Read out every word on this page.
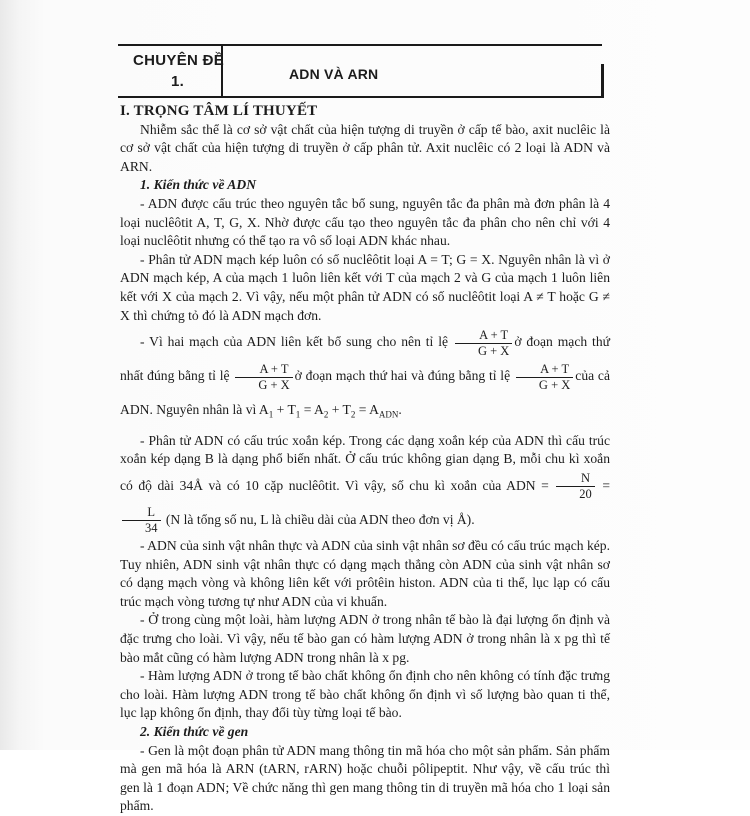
CHUYÊN ĐỀ
1.	ADN VÀ ARN

I. TRỌNG TÂM LÍ THUYẾT

Nhiễm sắc thể là cơ sở vật chất của hiện tượng di truyền ở cấp tế bào, axit nuclêic là cơ sở vật chất của hiện tượng di truyền ở cấp phân tử. Axit nuclêic có 2 loại là ADN và ARN.

1. Kiến thức về ADN

- ADN được cấu trúc theo nguyên tắc bổ sung, nguyên tắc đa phân mà đơn phân là 4 loại nuclêôtit A, T, G, X. Nhờ được cấu tạo theo nguyên tắc đa phân cho nên chỉ với 4 loại nuclêôtit nhưng có thể tạo ra vô số loại ADN khác nhau.

- Phân tử ADN mạch kép luôn có số nuclêôtit loại A = T; G = X. Nguyên nhân là vì ở ADN mạch kép, A của mạch 1 luôn liên kết với T của mạch 2 và G của mạch 1 luôn liên kết với X của mạch 2. Vì vậy, nếu một phân tử ADN có số nuclêôtit loại A ≠ T hoặc G ≠ X thì chứng tỏ đó là ADN mạch đơn.

- Vì hai mạch của ADN liên kết bổ sung cho nên tỉ lệ $\frac{A + T}{G + X}$ ở đoạn mạch thứ nhất đúng bằng tỉ lệ $\frac{A + T}{G + X}$ ở đoạn mạch thứ hai và đúng bằng tỉ lệ $\frac{A + T}{G + X}$ của cả ADN. Nguyên nhân là vì $A_1 + T_1 = A_2 + T_2 = A_{ADN}$.

- Phân tử ADN có cấu trúc xoắn kép. Trong các dạng xoắn kép của ADN thì cấu trúc xoắn kép dạng B là dạng phổ biến nhất. Ở cấu trúc không gian dạng B, mỗi chu kì xoắn có độ dài 34Å và có 10 cặp nuclêôtit. Vì vậy, số chu kì xoắn của ADN = $\frac{N}{20}$ =
$\frac{L}{34} (N$ là tổng số nu, L là chiều dài của ADN theo đơn vị Å).

- ADN của sinh vật nhân thực và ADN của sinh vật nhân sơ đều có cấu trúc mạch kép. Tuy nhiên, ADN sinh vật nhân thực có dạng mạch thẳng còn ADN của sinh vật nhân sơ có dạng mạch vòng và không liên kết với prôtêin histon. ADN của ti thể, lục lạp có cấu trúc mạch vòng tương tự như ADN của vi khuẩn.

- Ở trong cùng một loài, hàm lượng ADN ở trong nhân tế bào là đại lượng ổn định và đặc trưng cho loài. Vì vậy, nếu tế bào gan có hàm lượng ADN ở trong nhân là x pg thì tế bào mắt cũng có hàm lượng ADN trong nhân là x pg.

- Hàm lượng ADN ở trong tế bào chất không ổn định cho nên không có tính đặc trưng cho loài. Hàm lượng ADN trong tế bào chất không ổn định vì số lượng bào quan ti thể, lục lạp không ổn định, thay đổi tùy từng loại tế bào.

2. Kiến thức về gen

- Gen là một đoạn phân tử ADN mang thông tin mã hóa cho một sản phẩm. Sản phẩm mà gen mã hóa là ARN (tARN, rARN) hoặc chuỗi pôlipeptit. Như vậy, về cấu trúc thì gen là 1 đoạn ADN; Về chức năng thì gen mang thông tin di truyền mã hóa cho 1 loại sản phẩm.
